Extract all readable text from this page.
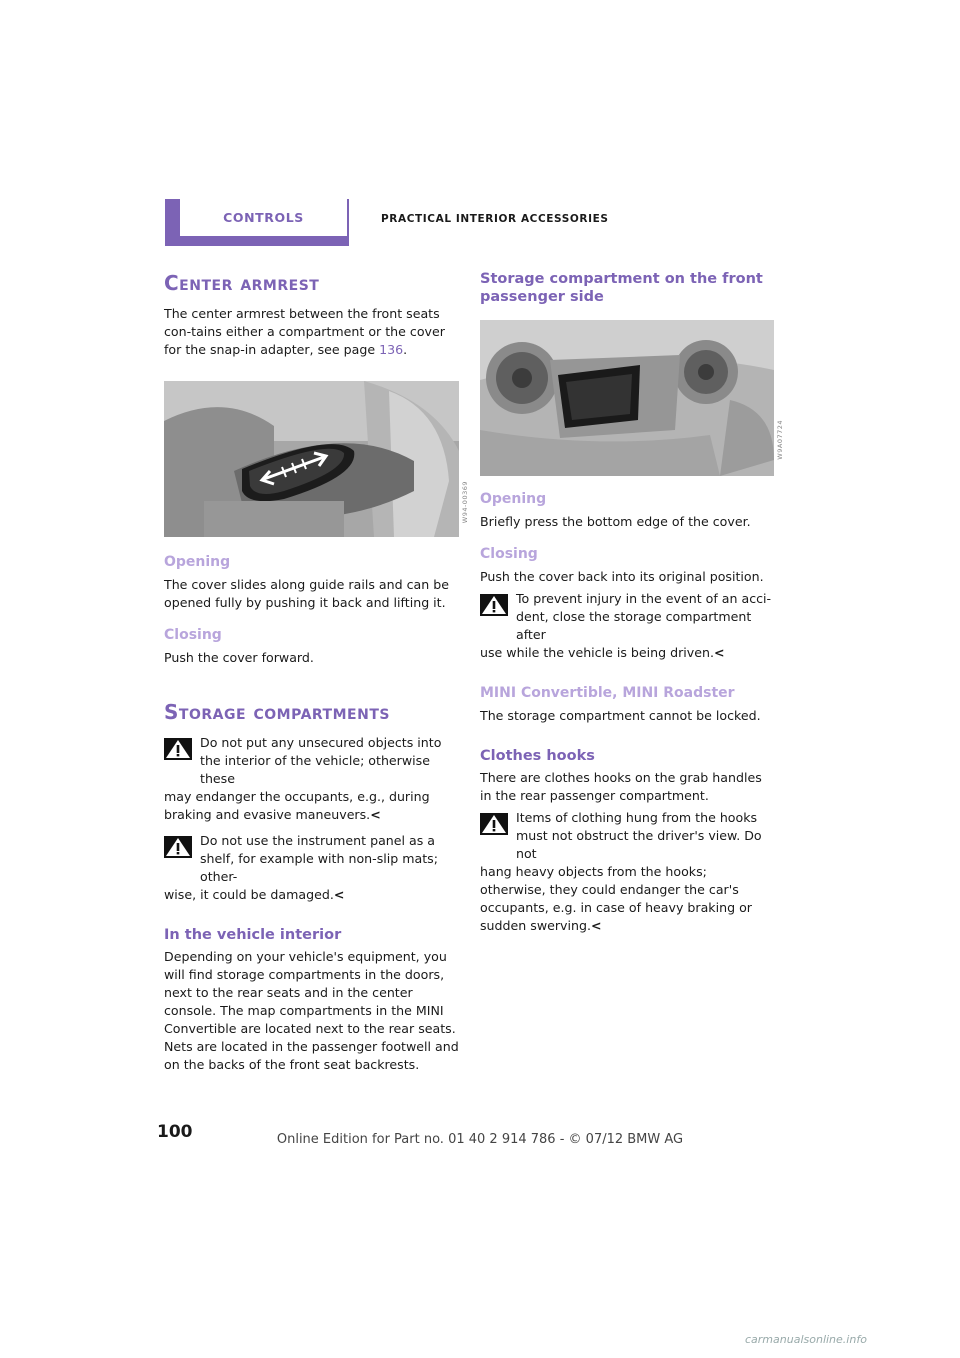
CONTROLS	PRACTICAL INTERIOR ACCESSORIES
Center armrest

The center armrest between the front seats con-tains either a compartment or the cover for the snap-in adapter, see page 136.

W94-00369
Opening

The cover slides along guide rails and can be opened fully by pushing it back and lifting it.

Closing

Push the cover forward.

Storage compartments

Do not put any unsecured objects into the interior of the vehicle; otherwise these
may endanger the occupants, e.g., during braking and evasive maneuvers.<

Do not use the instrument panel as a shelf, for example with non-slip mats; other-
wise, it could be damaged.<

In the vehicle interior

Depending on your vehicle's equipment, you will find storage compartments in the doors, next to the rear seats and in the center console. The map compartments in the MINI Convertible are located next to the rear seats.

Nets are located in the passenger footwell and on the backs of the front seat backrests.

Storage compartment on the front passenger side
W9A07724
Opening

Briefly press the bottom edge of the cover.

Closing

Push the cover back into its original position.

To prevent injury in the event of an acci-dent, close the storage compartment after
use while the vehicle is being driven.<

MINI Convertible, MINI Roadster

The storage compartment cannot be locked.

Clothes hooks

There are clothes hooks on the grab handles in the rear passenger compartment.

Items of clothing hung from the hooks must not obstruct the driver's view. Do not
hang heavy objects from the hooks; otherwise, they could endanger the car's occupants, e.g. in case of heavy braking or sudden swerving.<

100	Online Edition for Part no. 01 40 2 914 786 - © 07/12 BMW AG
carmanualsonline.info
